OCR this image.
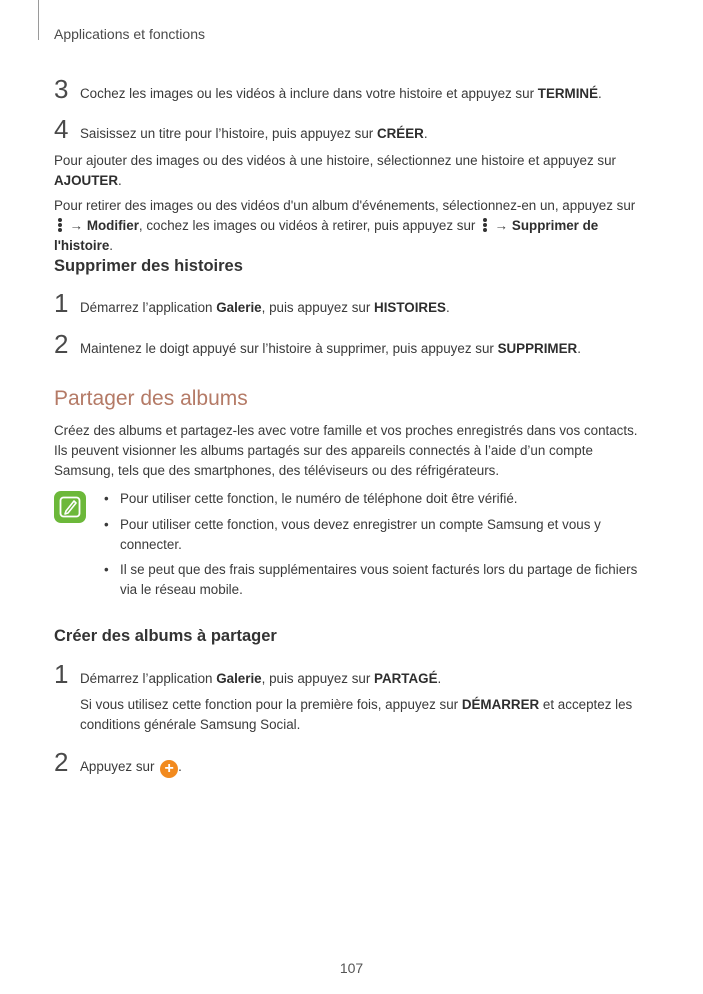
Applications et fonctions
3 Cochez les images ou les vidéos à inclure dans votre histoire et appuyez sur TERMINÉ.
4 Saisissez un titre pour l’histoire, puis appuyez sur CRÉER.
Pour ajouter des images ou des vidéos à une histoire, sélectionnez une histoire et appuyez sur AJOUTER.
Pour retirer des images ou des vidéos d'un album d'événements, sélectionnez-en un, appuyez sur

→ Modifier, cochez les images ou vidéos à retirer, puis appuyez sur
→ Supprimer de l'histoire.
Supprimer des histoires
1 Démarrez l’application Galerie, puis appuyez sur HISTOIRES.
2 Maintenez le doigt appuyé sur l’histoire à supprimer, puis appuyez sur SUPPRIMER.
Partager des albums
Créez des albums et partagez-les avec votre famille et vos proches enregistrés dans vos contacts. Ils peuvent visionner les albums partagés sur des appareils connectés à l’aide d’un compte Samsung, tels que des smartphones, des téléviseurs ou des réfrigérateurs.
• Pour utiliser cette fonction, le numéro de téléphone doit être vérifié.
• Pour utiliser cette fonction, vous devez enregistrer un compte Samsung et vous y connecter.
• Il se peut que des frais supplémentaires vous soient facturés lors du partage de fichiers via le réseau mobile.
Créer des albums à partager
1 Démarrez l’application Galerie, puis appuyez sur PARTAGÉ.
Si vous utilisez cette fonction pour la première fois, appuyez sur DÉMARRER et acceptez les conditions générale Samsung Social.
2 Appuyez sur + .
107
